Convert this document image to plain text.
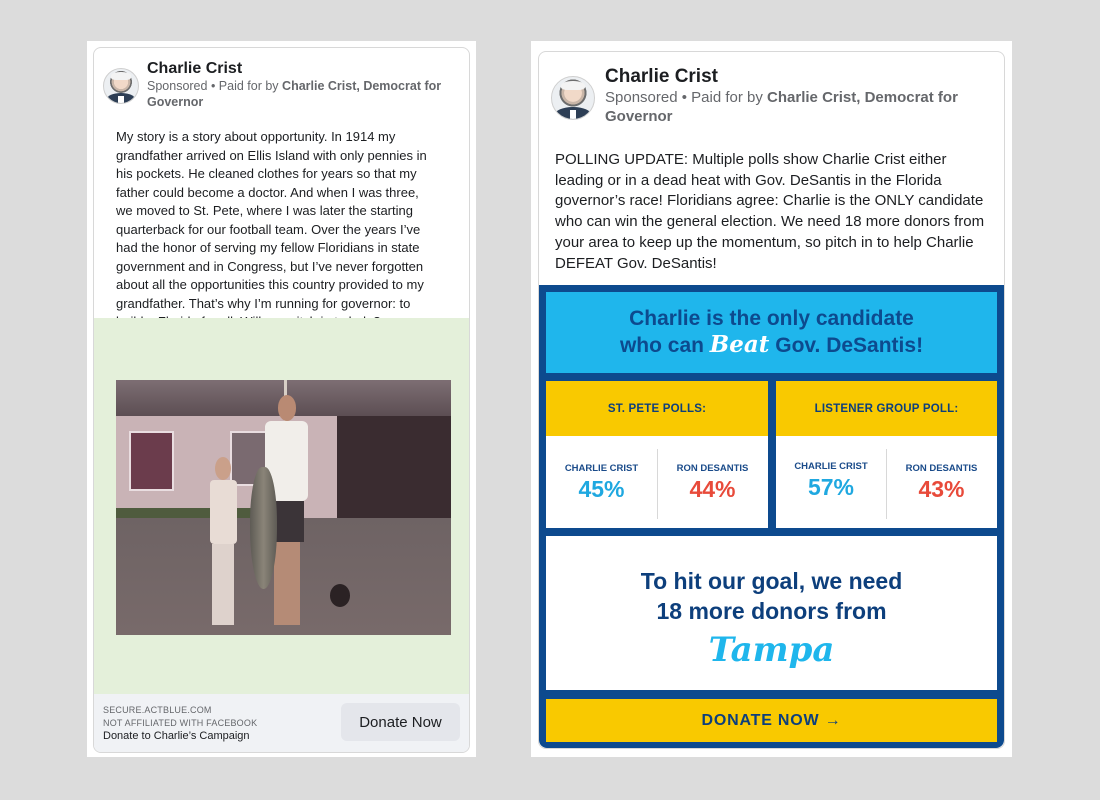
Charlie Crist
Sponsored • Paid for by Charlie Crist, Democrat for Governor
My story is a story about opportunity. In 1914 my grandfather arrived on Ellis Island with only pennies in his pockets. He cleaned clothes for years so that my father could become a doctor. And when I was three, we moved to St. Pete, where I was later the starting quarterback for our football team. Over the years I’ve had the honor of serving my fellow Floridians in state government and in Congress, but I’ve never forgotten about all the opportunities this country provided to my grandfather. That’s why I’m running for governor: to
SECURE.ACTBLUE.COM
NOT AFFILIATED WITH FACEBOOK
Donate to Charlie’s Campaign
Donate Now
Charlie Crist
Sponsored • Paid for by Charlie Crist, Democrat for Governor
POLLING UPDATE: Multiple polls show Charlie Crist either leading or in a dead heat with Gov. DeSantis in the Florida governor’s race! Floridians agree: Charlie is the ONLY candidate who can win the general election. We need 18 more donors from your area to keep up the momentum, so pitch in to help Charlie DEFEAT Gov. DeSantis!
Charlie is the only candidate
who can Beat Gov. DeSantis!
ST. PETE POLLS:
CHARLIE CRIST
45%
RON DESANTIS
44%
LISTENER GROUP POLL:
CHARLIE CRIST
57%
RON DESANTIS
43%
To hit our goal, we need
18 more donors from
Tampa
DONATE NOW →
